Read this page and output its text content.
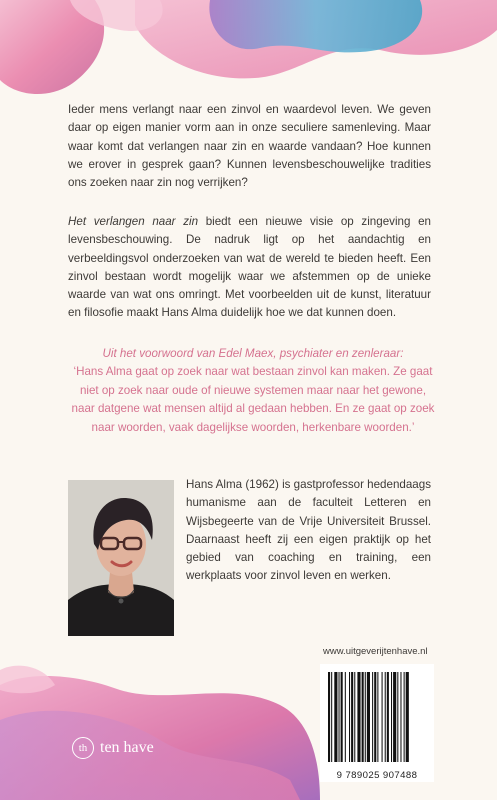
Ieder mens verlangt naar een zinvol en waardevol leven. We geven daar op eigen manier vorm aan in onze seculiere samenleving. Maar waar komt dat verlangen naar zin en waarde vandaan? Hoe kunnen we erover in gesprek gaan? Kunnen levensbeschouwelijke tradities ons zoeken naar zin nog verrijken?
Het verlangen naar zin biedt een nieuwe visie op zingeving en levensbeschouwing. De nadruk ligt op het aandachtig en verbeeldingsvol onderzoeken van wat de wereld te bieden heeft. Een zinvol bestaan wordt mogelijk waar we afstemmen op de unieke waarde van wat ons omringt. Met voorbeelden uit de kunst, literatuur en filosofie maakt Hans Alma duidelijk hoe we dat kunnen doen.
Uit het voorwoord van Edel Maex, psychiater en zenleraar:
‘Hans Alma gaat op zoek naar wat bestaan zinvol kan maken. Ze gaat niet op zoek naar oude of nieuwe systemen maar naar het gewone, naar datgene wat mensen altijd al gedaan hebben. En ze gaat op zoek naar woorden, vaak dagelijkse woorden, herkenbare woorden.’
Hans Alma (1962) is gastprofessor hedendaags humanisme aan de faculteit Letteren en Wijsbegeerte van de Vrije Universiteit Brussel. Daarnaast heeft zij een eigen praktijk op het gebied van coaching en training, een werkplaats voor zinvol leven en werken.
th ten have
www.uitgeverijtenhave.nl
9 789025 907488
